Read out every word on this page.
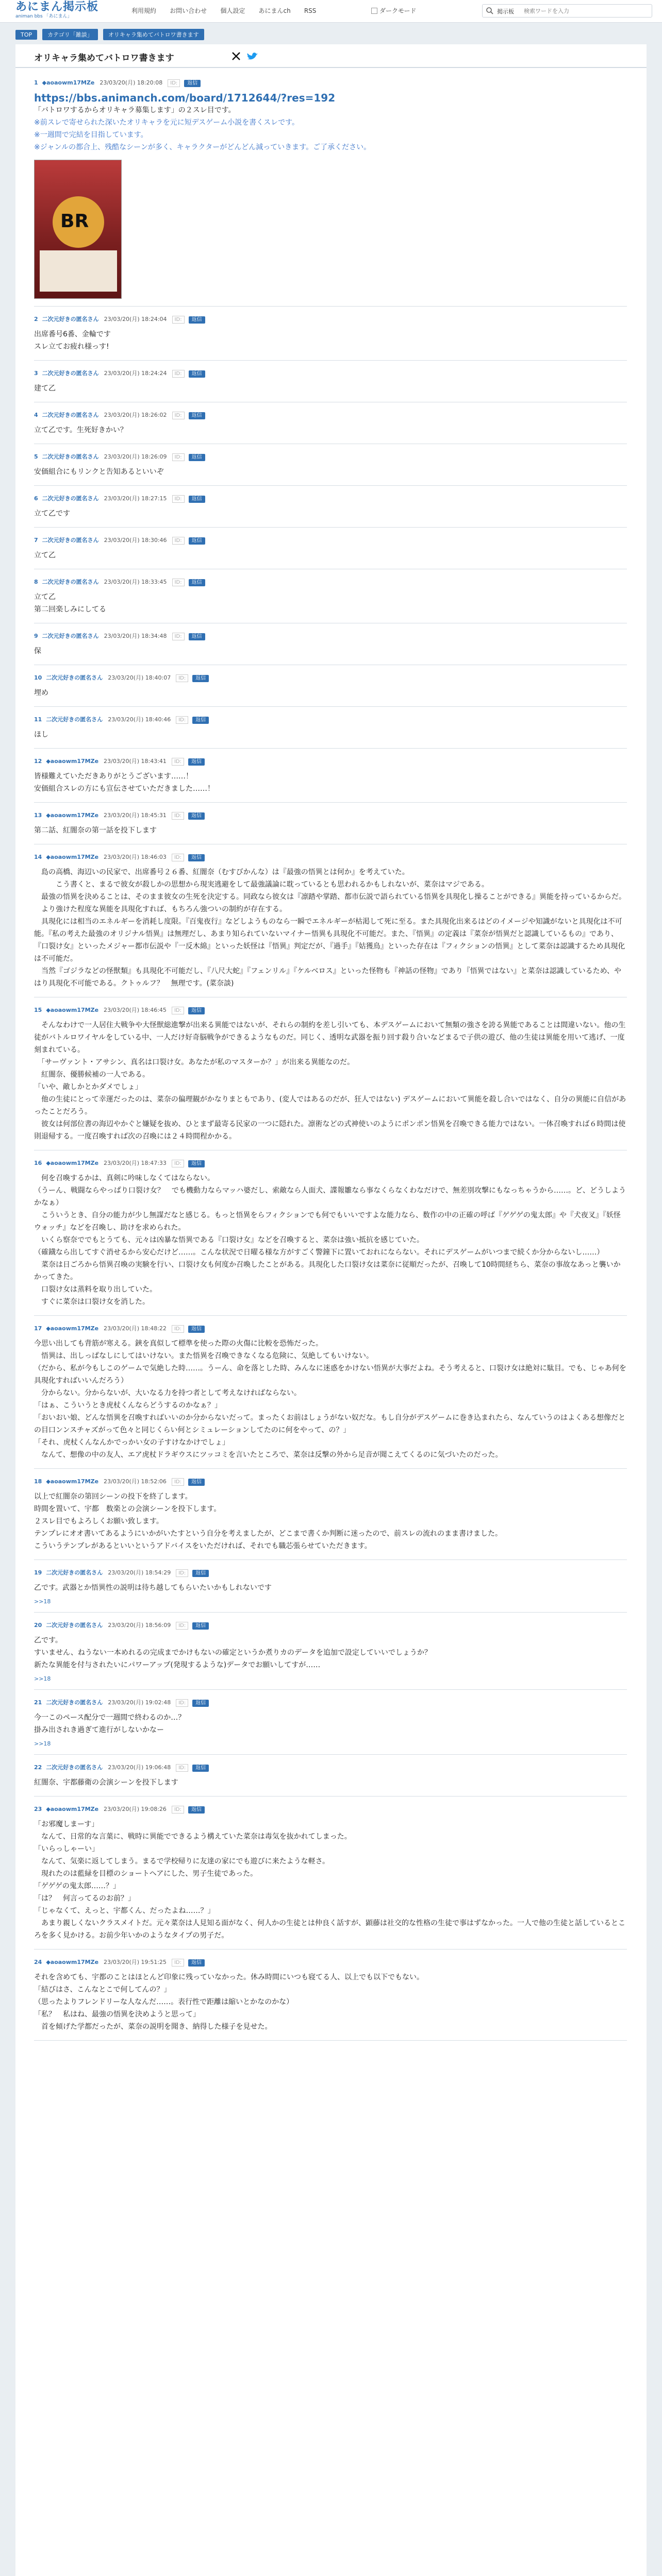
あにまん掲示板
animan bbs 「あにまん」
利用規約 お問い合わせ 個人設定 あにまんch RSS	ダークモード	掲示板
検索ワードを入力
TOP	カテゴリ「雑談」	オリキャラ集めてバトロワ書きます
オリキャラ集めてバトロワ書きます
1 ◆aoaowm17MZe 23/03/20(月) 18:20:08 ID: 返信
https://bbs.animanch.com/board/1712644/?res=192
「バトロワするからオリキャラ募集します」の２スレ目です。
※前スレで寄せられた深いたオリキャラを元に短デスゲーム小説を書くスレです。
※一週間で完結を目指しています。
※ジャンルの都合上、残酷なシーンが多く、キャラクターがどんどん減っていきます。ご了承ください。
BR
2 二次元好きの匿名さん 23/03/20(月) 18:24:04 ID: 返信
出席番号6番、金輪です
スレ立てお疲れ様っす!
3 二次元好きの匿名さん 23/03/20(月) 18:24:24 ID: 返信
建て乙
4 二次元好きの匿名さん 23/03/20(月) 18:26:02 ID: 返信
立て乙です。生死好きかい？
5 二次元好きの匿名さん 23/03/20(月) 18:26:09 ID: 返信
安価組合にもリンクと告知あるといいぞ
6 二次元好きの匿名さん 23/03/20(月) 18:27:15 ID: 返信
立て乙です
7 二次元好きの匿名さん 23/03/20(月) 18:30:46 ID: 返信
立て乙
8 二次元好きの匿名さん 23/03/20(月) 18:33:45 ID: 返信
立て乙
第二回楽しみにしてる
9 二次元好きの匿名さん 23/03/20(月) 18:34:48 ID: 返信
保
10 二次元好きの匿名さん 23/03/20(月) 18:40:07 ID: 返信
埋め
11 二次元好きの匿名さん 23/03/20(月) 18:40:46 ID: 返信
ほし
12 ◆aoaowm17MZe 23/03/20(月) 18:43:41 ID: 返信
皆様難えていただきありがとうございます……！
安価組合スレの方にも宣伝させていただきました……！
13 ◆aoaowm17MZe 23/03/20(月) 18:45:31 ID: 返信
第二話、紅闇奈の第一話を投下します
14 ◆aoaowm17MZe 23/03/20(月) 18:46:03 ID: 返信
　島の高橋、海辺いの民家で、出席番号２６番、紅闇奈（むすびかんな）は『最強の悟異とは何か』を考えていた。
　　　こう書くと、まるで彼女が殺しかの思想から現実逃避をして最強議論に耽っているとも思われるかもしれないが、菜奈はマジである。
　最強の悟異を決めることは、そのまま彼女の生死を決定する。同政なら彼女は『凛踏や掌踏、都市伝説で語られている悟異を具現化し操ることができる』異能を持っているからだ。
　より強けた程度な異能を具現化すれば、もちろん強ついの制約が存在する。
　具現化には相当のエネルギーを消耗し度限。『百鬼夜行』などしようものなら一瞬でエネルギーが枯渇して死に至る。また具現化出来るはどのイメージや知識がないと具現化は不可能。『私の考えた最強のオリジナル悟異』は無理だし、あまり知られていないマイナー悟異も具現化不可能だ。また、『悟異』の定義は『菜奈が悟異だと認識しているもの』であり、『口裂け女』といったメジャー都市伝説や『一反木綿』といった妖怪は『悟異』判定だが、『過手』『姑獲鳥』といった存在は『フィクションの悟異』として菜奈は認識するため具現化は不可能だ。
　当然『ゴジラなどの怪獣類』も具現化不可能だし、『八尺大蛇』『フェンリル』『ケルベロス』といった怪物も『神話の怪物』であり『悟異ではない』と菜奈は認識しているため、やはり具現化不可能である。クトゥルフ？　無理です。(菜奈談)
15 ◆aoaowm17MZe 23/03/20(月) 18:46:45 ID: 返信
　そんなわけで一人居住大戦争や大怪獣総進撃が出来る異能ではないが、それらの制約を差し引いても、本デスゲームにおいて無類の強さを誇る異能であることは間違いない。他の生徒がバトルロワイヤルをしている中、一人だけ好奇脳戦争ができるようなものだ。同じく、透明な武器を振り回す殺り合いなどまるで子供の遊び、他の生徒は異能を用いて逃げ、一度刻まれている。
　「サーヴァント・アサシン、真名は口裂け女。あなたが私のマスターか？」が出来る異能なのだ。
　紅闇奈、優勝候補の一人である。
「いや、敵しかとかダメでしょ」
　他の生徒にとって幸運だったのは、菜奈の偏理観がかなりまともであり、(変人ではあるのだが、狂人ではない) デスゲームにおいて異能を殺し合いではなく、自分の異能に自信があったことだろう。
　彼女は何部位書の海辺やかぐと嫌疑を抜め、ひとまず最寄る民家の一つに隠れた。凛術などの式神使いのようにポンポン悟異を召喚できる能力ではない。一体召喚すれば６時間は使則退帰する。一度召喚すれば次の召喚には２４時間程かかる。
16 ◆aoaowm17MZe 23/03/20(月) 18:47:33 ID: 返信
　何を召喚するかは、真剣に吟味しなくてはならない。
（うーん、戦闘ならやっぱり口裂け女？　でも機動力ならマッハ婆だし、索敵なら人面犬、諜報雛なら事なくらなくわなだけで、無差別攻撃にもなっちゃうから……。ど、どうしようかなぁ）
　こういうとき、自分の能力が少し無謀だなと感じる。もっと悟異をらフィクションでも何でもいいですよな能力なら、数作の中の正確の呼ば『ゲゲゲの鬼太郎』や『犬夜叉』『妖怪ウォッチ』などを召喚し、助けを求められた。
　いくら察奈ででもとうても、元々は凶暴な悟異である『口裂け女』などを召喚すると、菜奈は強い抵抗を感じていた。
（確鐡なら出してすぐ消せるから安心だけど……。こんな状況で日曜る様な方がすごく警鐘下に置いておれにならない。それにデスゲームがいつまで続くか分からないし……）
　菜奈は日ごろから悟異召喚の実験を行い、口裂け女も何度か召喚したことがある。具現化した口裂け女は菜奈に従順だったが、召喚して10時間経ちら、菜奈の事故なあっと襲いかかってきた。
　口裂け女は蒸料を取り出していた。
　すぐに菜奈は口裂け女を消した。
17 ◆aoaowm17MZe 23/03/20(月) 18:48:22 ID: 返信
今思い出しても背筋が寒える。鋏を真似して標準を使った際の火傷に比較を恐怖だった。
　悟異は、出しっぱなしにしてはいけない。また悟異を召喚できなくなる危険に、気絶してもいけない。
（だから、私が今もしこのゲームで気絶した時……。うーん、命を落とした時、みんなに迷惑をかけない悟異が大事だよね。そう考えると、口裂け女は絶対に駄目。でも、じゃあ何を具現化すればいいんだろう）
　分からない。分からないが、大いなる力を持つ者として考えなければならない。
「はぁ、こういうとき虎杖くんならどうするのかなぁ？」
「おいおい娘、どんな悟異を召喚すればいいのか分からないだって。まったくお前はしょうがない奴だな。もし自分がデスゲームに巻き込まれたら、なんていうのはよくある想像だとの目口ンンスチャズがって色々と同じくらい何とシミュレーションしてたのに何をやって、の？」
「それ、虎杖くんなんかでっかい女の子すけなかけでしょ」
　なんて、想像の中の友人、エア虎杖ドラギウスにツッコミを言いたところで、菜奈は反撃の外から足音が聞こえてくるのに気づいたのだった。
18 ◆aoaowm17MZe 23/03/20(月) 18:52:06 ID: 返信
以上で紅闇奈の第回シーンの投下を終了します。
時間を置いて、宇都　数楽との会演シーンを投下します。
２スレ目でもよろしくお願い致します。
テンプレにオオ書いてあるようにいかがいたすという自分を考えましたが、どこまで書くか判断に迷ったので、前スレの流れのまま書けました。
こういうテンプレがあるといいというアドバイスをいただければ、それでも職芯張らせていただきます。
19 二次元好きの匿名さん 23/03/20(月) 18:54:29 ID: 返信
乙です。武器とか悟異性の説明は待ち越してもらいたいかもしれないです
>>18
20 二次元好きの匿名さん 23/03/20(月) 18:56:09 ID: 返信
乙です。
すいません、ねうない一本めれるの完成までかけもないの確定というか煮りカのデータを追加で設定していいでしょうか？
新たな異能を付与されたいにパワーアップ(発現するような)データでお願いしてすが……
>>18
21 二次元好きの匿名さん 23/03/20(月) 19:02:48 ID: 返信
今一このペース配分で一週間で終わるのか…？
掛み出されき過ぎて進行がしないかなー
>>18
22 二次元好きの匿名さん 23/03/20(月) 19:06:48 ID: 返信
紅闇奈、宇都藤衛の会演シーンを投下します
23 ◆aoaowm17MZe 23/03/20(月) 19:08:26 ID: 返信
「お邪魔しまーす」
　なんて、日常的な言葉に、戦時に異能でできるよう構えていた菜奈は毒気を抜かれてしまった。
「いらっしゃーい」
　なんて、気楽に返してしまう。まるで学校帰りに友達の家にでも遊びに来たような軽さ。
　現れたのは藍緑を目標のショートヘアにした、男子生徒であった。
「ゲゲゲの鬼太郎……？」
「は？　何言ってるのお前？」
「じゃなくて、えっと、宇都くん、だったよね……？」
　あまり親しくないクラスメイトだ。元々菜奈は人見知る面がなく、何人かの生徒とは仲良く話すが、顕藤は社交的な性格の生徒で事はずなかった。一人で他の生徒と話しているところを多く見かける。お前少年いかのようなタイプの男子だ。
24 ◆aoaowm17MZe 23/03/20(月) 19:51:25 ID: 返信
それを含めても、宇都のことはほとんど印象に残っていなかった。休み時間にいつも寝てる人、以上でも以下でもない。
「結びはさ、こんなとこで何してんの？」
（思ったよりフレンドリーな人なんだ……。表行性で距離は縮いとかなのかな）
「私？　私はね、最強の悟異を決めようと思って」
　首を傾げた学都だったが、菜奈の説明を聞き、納得した様子を見せた。
